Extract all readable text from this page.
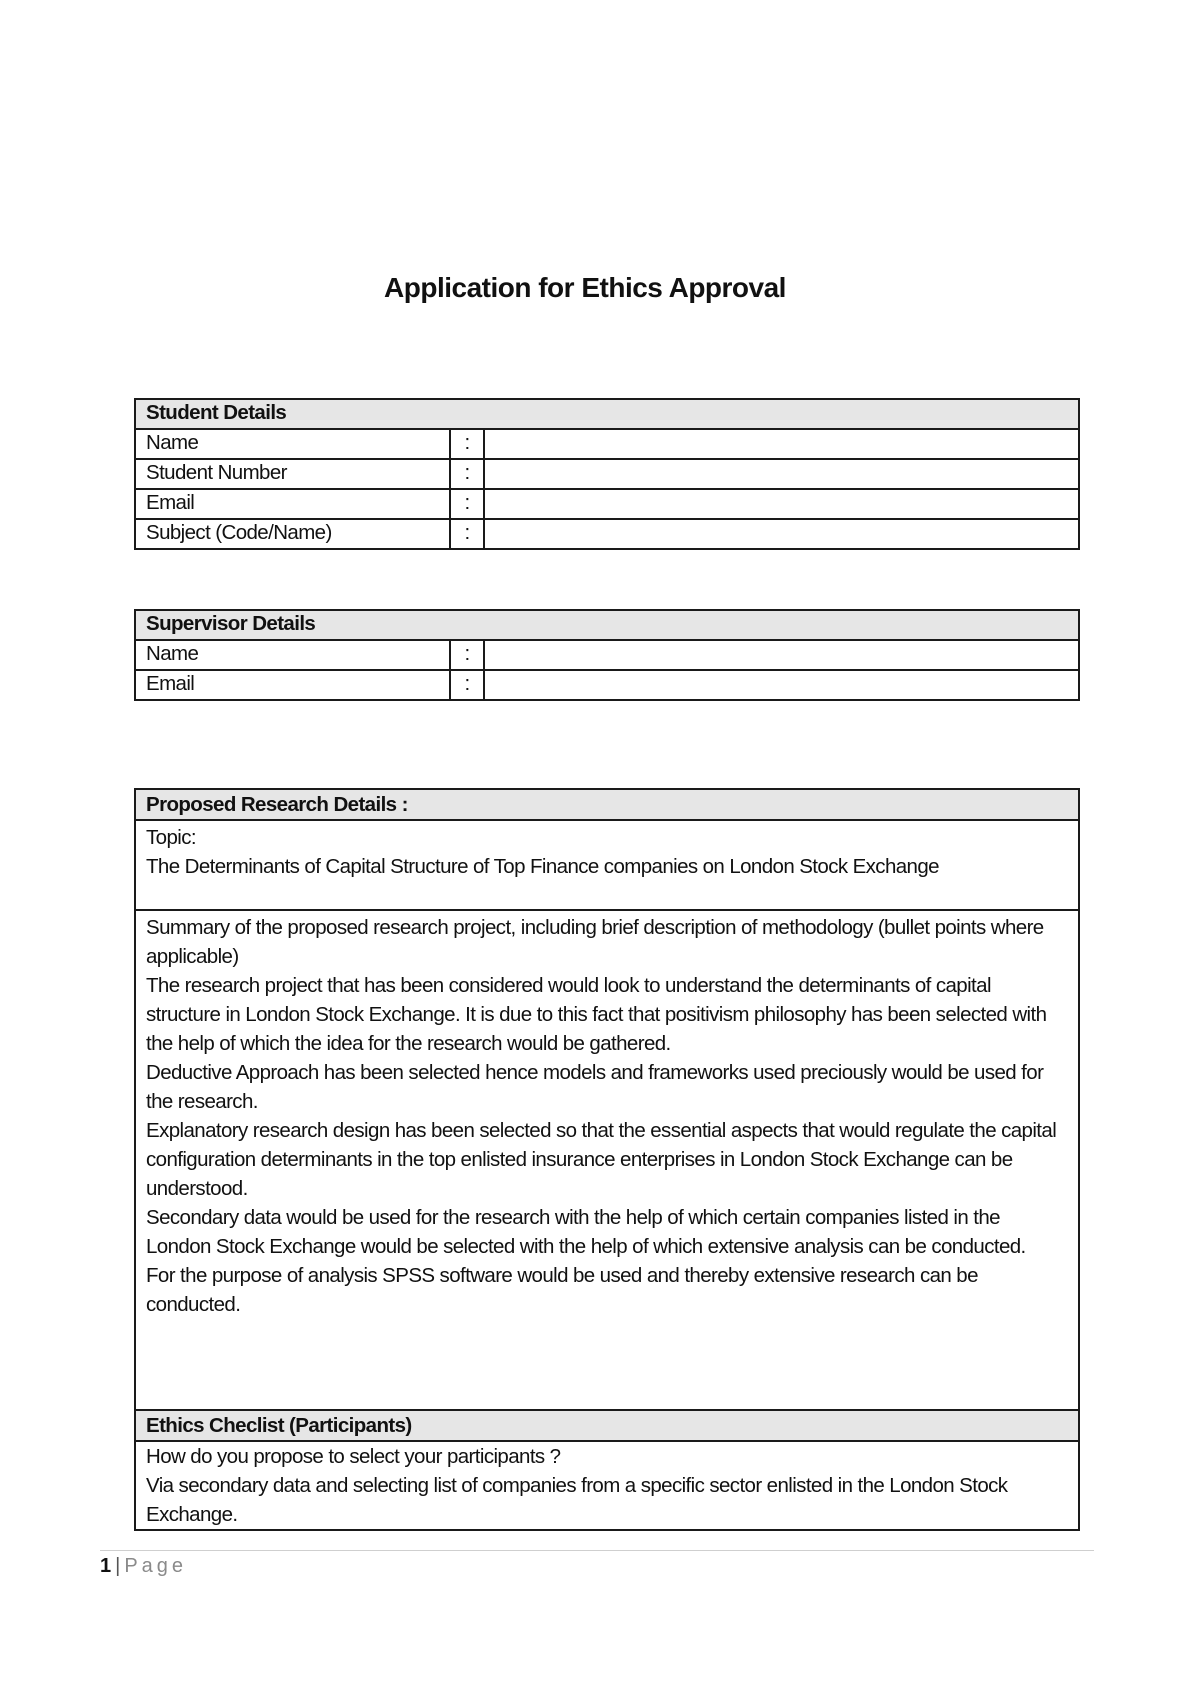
Application for Ethics Approval
Student Details		
Name	:	
Student Number	:	
Email	:	
Subject (Code/Name)	:	
Supervisor Details		
Name	:	
Email	:	
Proposed Research Details :

Topic:
The Determinants of Capital Structure of Top Finance companies on London Stock Exchange

Summary of the proposed research project, including brief description of methodology (bullet points where applicable)
The research project that has been considered would look to understand the determinants of capital structure in London Stock Exchange. It is due to this fact that positivism philosophy has been selected with the help of which the idea for the research would be gathered.
Deductive Approach has been selected hence models and frameworks used preciously would be used for the research.
Explanatory research design has been selected so that the essential aspects that would regulate the capital configuration determinants in the top enlisted insurance enterprises in London Stock Exchange can be understood.
Secondary data would be used for the research with the help of which certain companies listed in the London Stock Exchange would be selected with the help of which extensive analysis can be conducted.
For the purpose of analysis SPSS software would be used and thereby extensive research can be conducted.

Ethics Checlist (Participants)

How do you propose to select your participants ?
Via secondary data and selecting list of companies from a specific sector enlisted in the London Stock Exchange.
1 | Page
